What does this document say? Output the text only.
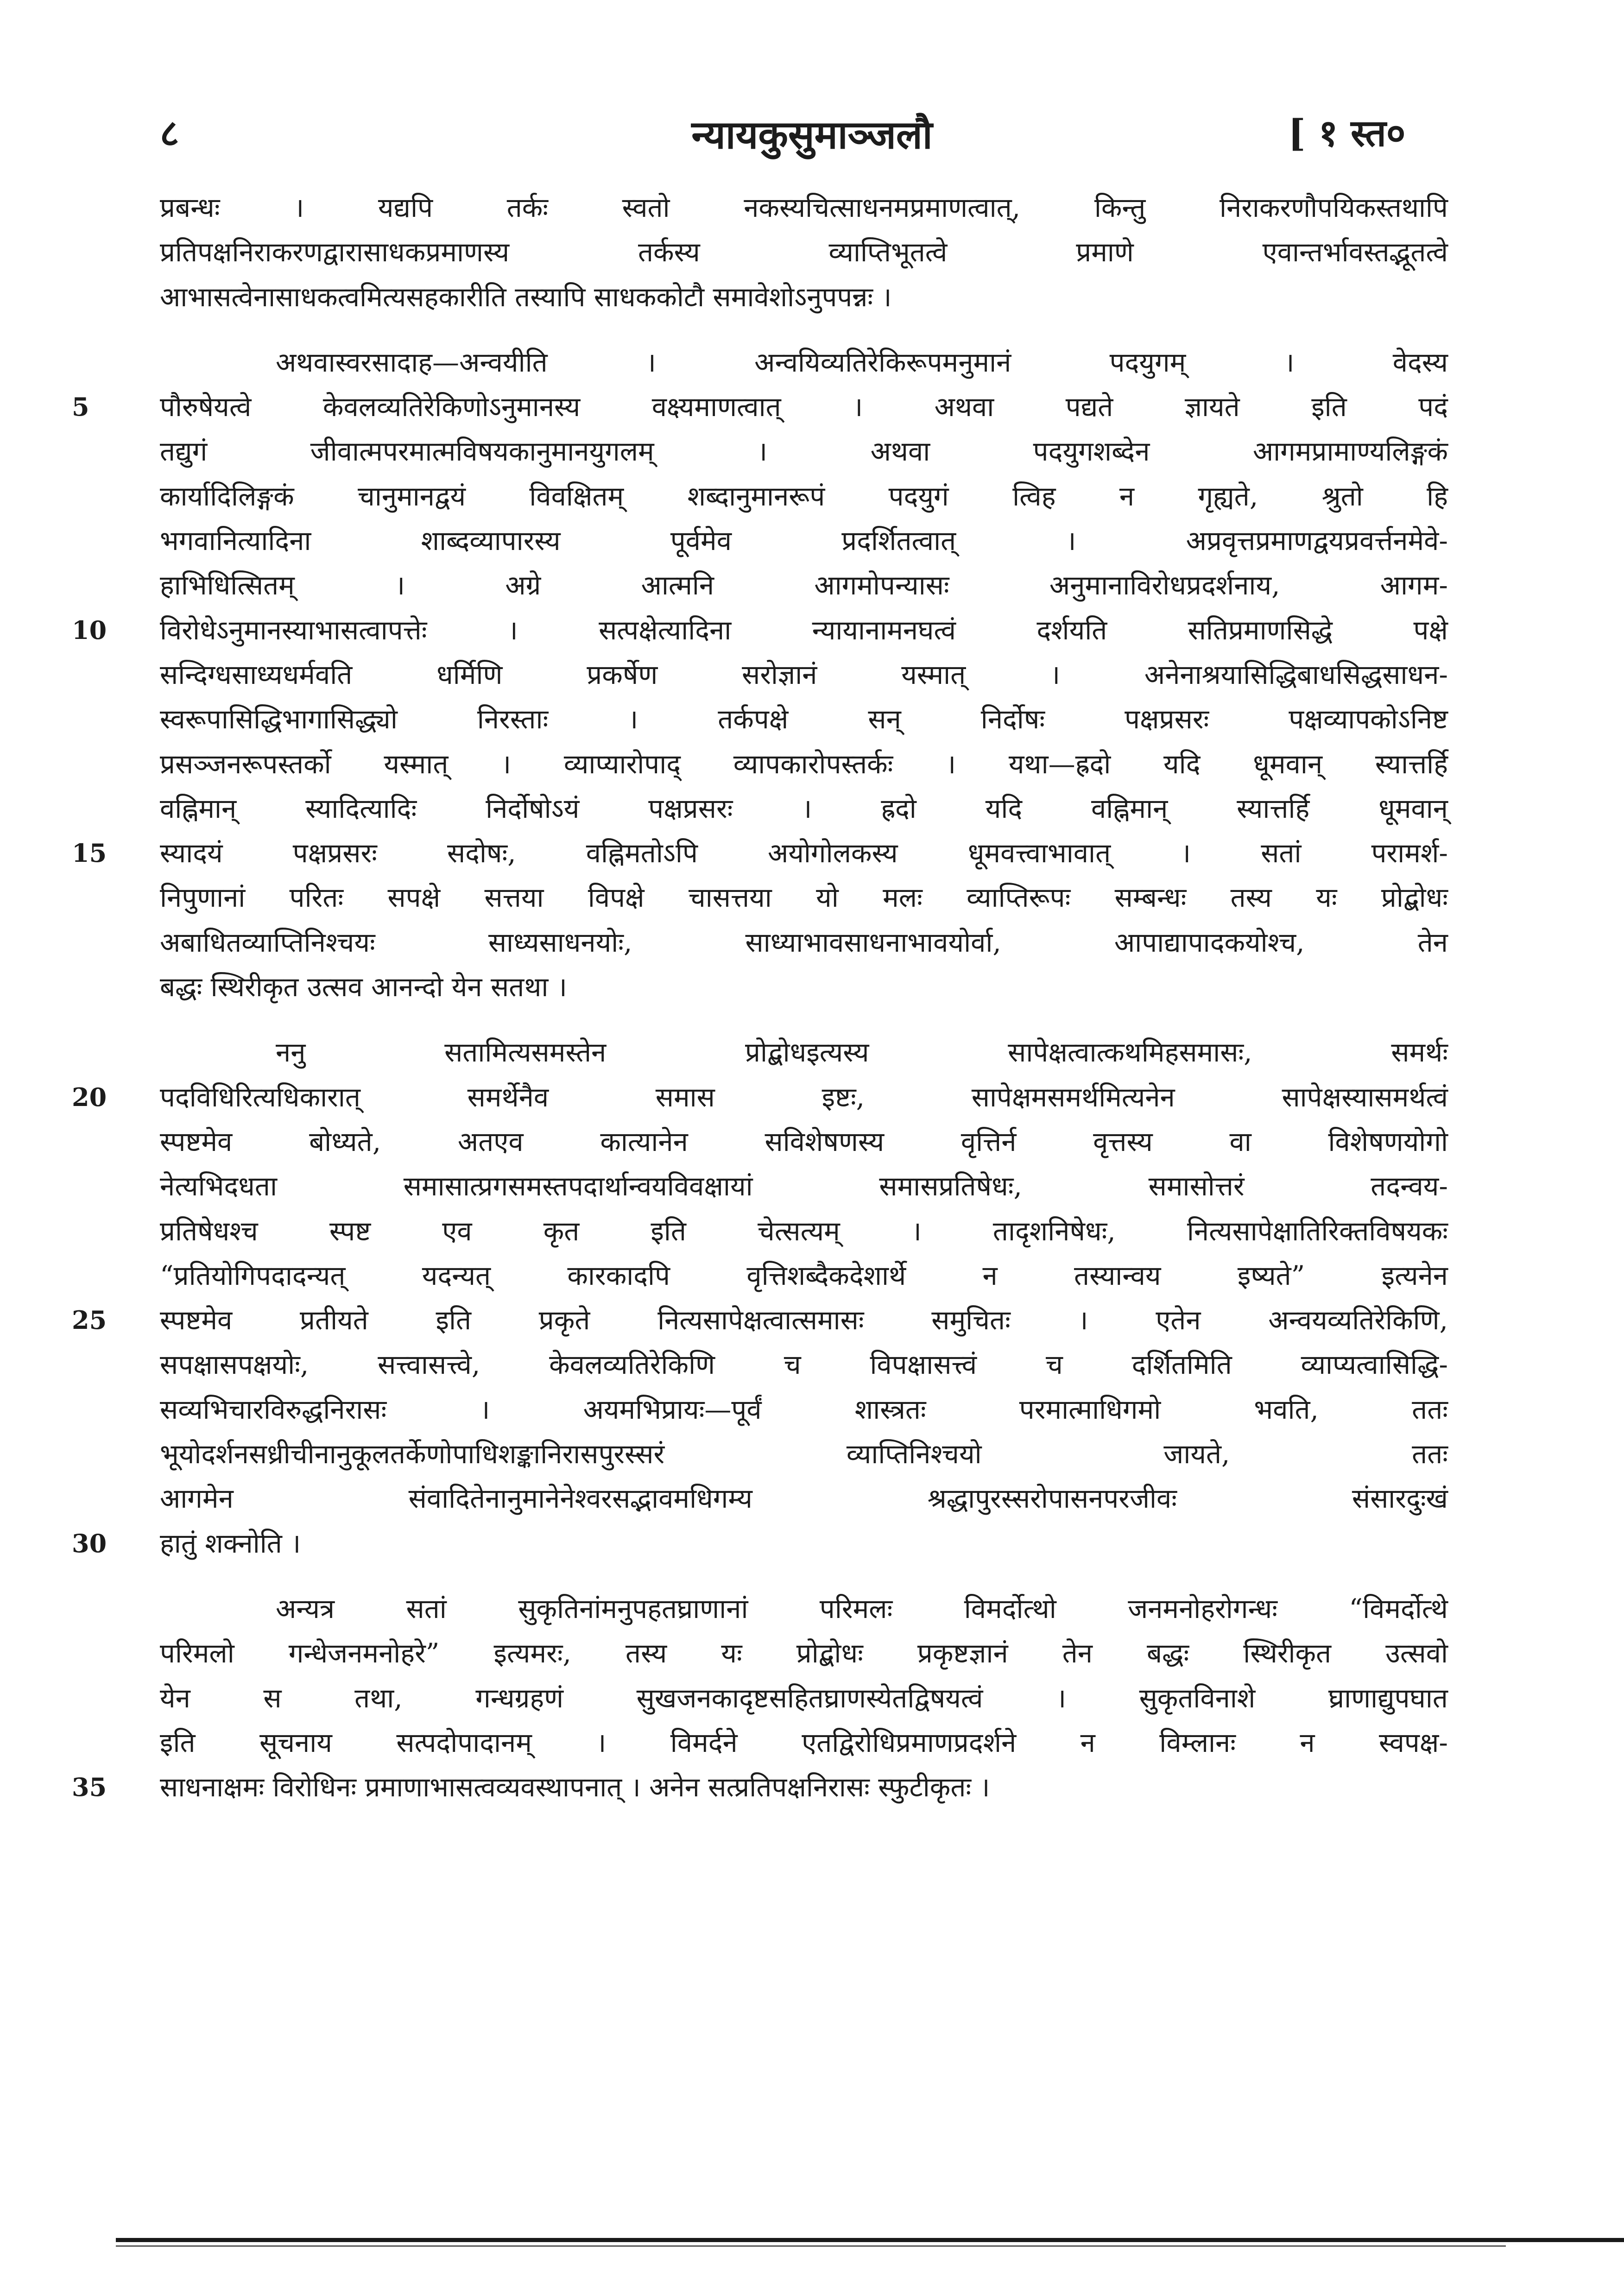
८	न्यायकुसुमाञ्जलौ	[ १ स्त०
प्रबन्धः । यद्यपि तर्कः स्वतो नकस्यचित्साधनमप्रमाणत्वात्, किन्तु निराकरणौपयिकस्तथापि
प्रतिपक्षनिराकरणद्वारासाधकप्रमाणस्य तर्कस्य व्याप्तिभूतत्वे प्रमाणे एवान्तर्भावस्तद्भूतत्वे
आभासत्वेनासाधकत्वमित्यसहकारीति तस्यापि साधककोटौ समावेशोऽनुपपन्नः ।
अथवास्वरसादाह—अन्वयीति । अन्वयिव्यतिरेकिरूपमनुमानं पदयुगम् । वेदस्य
5	पौरुषेयत्वे केवलव्यतिरेकिणोऽनुमानस्य वक्ष्यमाणत्वात् । अथवा पद्यते ज्ञायते इति पदं
तद्युगं जीवात्मपरमात्मविषयकानुमानयुगलम् । अथवा पदयुगशब्देन आगमप्रामाण्यलिङ्गकं
कार्यादिलिङ्गकं चानुमानद्वयं विवक्षितम् शब्दानुमानरूपं पदयुगं त्विह न गृह्यते, श्रुतो हि
भगवानित्यादिना शाब्दव्यापारस्य पूर्वमेव प्रदर्शितत्वात् । अप्रवृत्तप्रमाणद्वयप्रवर्त्तनमेवे-
हाभिधित्सितम् । अग्रे आत्मनि आगमोपन्यासः अनुमानाविरोधप्रदर्शनाय, आगम-
10	विरोधेऽनुमानस्याभासत्वापत्तेः । सत्पक्षेत्यादिना न्यायानामनघत्वं दर्शयति सतिप्रमाणसिद्धे पक्षे
सन्दिग्धसाध्यधर्मवति धर्मिणि प्रकर्षेण सरोज्ञानं यस्मात् । अनेनाश्रयासिद्धिबाधसिद्धसाधन-
स्वरूपासिद्धिभागासिद्ध्यो निरस्ताः । तर्कपक्षे सन् निर्दोषः पक्षप्रसरः पक्षव्यापकोऽनिष्ट
प्रसञ्जनरूपस्तर्को यस्मात् । व्याप्यारोपाद् व्यापकारोपस्तर्कः । यथा—ह्रदो यदि धूमवान् स्यात्तर्हि
वह्निमान् स्यादित्यादिः निर्दोषोऽयं पक्षप्रसरः । ह्रदो यदि वह्निमान् स्यात्तर्हि धूमवान्
15	स्यादयं पक्षप्रसरः सदोषः, वह्निमतोऽपि अयोगोलकस्य धूमवत्त्वाभावात् । सतां परामर्श-
निपुणानां परितः सपक्षे सत्तया विपक्षे चासत्तया यो मलः व्याप्तिरूपः सम्बन्धः तस्य यः प्रोद्बोधः
अबाधितव्याप्तिनिश्चयः साध्यसाधनयोः, साध्याभावसाधनाभावयोर्वा, आपाद्यापादकयोश्च, तेन
बद्धः स्थिरीकृत उत्सव आनन्दो येन सतथा ।
ननु सतामित्यसमस्तेन प्रोद्बोधइत्यस्य सापेक्षत्वात्कथमिहसमासः, समर्थः
20	पदविधिरित्यधिकारात् समर्थेनैव समास इष्टः, सापेक्षमसमर्थमित्यनेन सापेक्षस्यासमर्थत्वं
स्पष्टमेव बोध्यते, अतएव कात्यानेन सविशेषणस्य वृत्तिर्न वृत्तस्य वा विशेषणयोगो
नेत्यभिदधता समासात्प्रगसमस्तपदार्थान्वयविवक्षायां समासप्रतिषेधः, समासोत्तरं तदन्वय-
प्रतिषेधश्च स्पष्ट एव कृत इति चेत्सत्यम् । तादृशनिषेधः, नित्यसापेक्षातिरिक्तविषयकः
“प्रतियोगिपदादन्यत् यदन्यत् कारकादपि वृत्तिशब्दैकदेशार्थे न तस्यान्वय इष्यते” इत्यनेन
25	स्पष्टमेव प्रतीयते इति प्रकृते नित्यसापेक्षत्वात्समासः समुचितः । एतेन अन्वयव्यतिरेकिणि,
सपक्षासपक्षयोः, सत्त्वासत्त्वे, केवलव्यतिरेकिणि च विपक्षासत्त्वं च दर्शितमिति व्याप्यत्वासिद्धि-
सव्यभिचारविरुद्धनिरासः । अयमभिप्रायः—पूर्वं शास्त्रतः परमात्माधिगमो भवति, ततः
भूयोदर्शनसध्रीचीनानुकूलतर्केणोपाधिशङ्कानिरासपुरस्सरं व्याप्तिनिश्चयो जायते, ततः
आगमेन संवादितेनानुमानेनेश्वरसद्भावमधिगम्य श्रद्धापुरस्सरोपासनपरजीवः संसारदुःखं
30	हातुं शक्नोति ।
अन्यत्र सतां सुकृतिनांमनुपहतघ्राणानां परिमलः विमर्दोत्थो जनमनोहरोगन्धः “विमर्दोत्थे
परिमलो गन्धेजनमनोहरे” इत्यमरः, तस्य यः प्रोद्बोधः प्रकृष्टज्ञानं तेन बद्धः स्थिरीकृत उत्सवो
येन स तथा, गन्धग्रहणं सुखजनकादृष्टसहितघ्राणस्येतद्विषयत्वं । सुकृतविनाशे घ्राणाद्युपघात
इति सूचनाय सत्पदोपादानम् । विमर्दने एतद्विरोधिप्रमाणप्रदर्शने न विम्लानः न स्वपक्ष-
35	साधनाक्षमः विरोधिनः प्रमाणाभासत्वव्यवस्थापनात् । अनेन सत्प्रतिपक्षनिरासः स्फुटीकृतः ।
